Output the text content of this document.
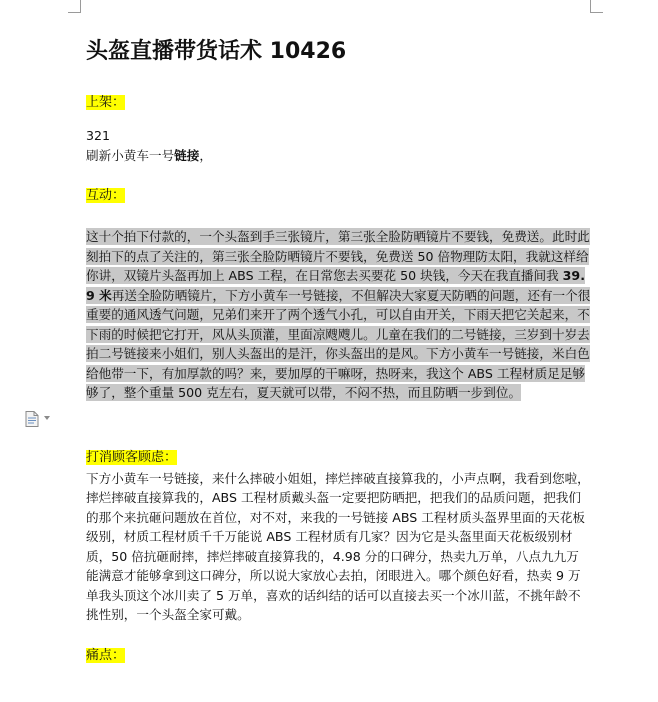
头盔直播带货话术 10426
上架：
321
刷新小黄车一号链接，
互动：
这十个拍下付款的，一个头盔到手三张镜片，第三张全脸防晒镜片不要钱，免费送。此时此刻拍下的点了关注的，第三张全脸防晒镜片不要钱，免费送 50 倍物理防太阳，我就这样给你讲，双镜片头盔再加上 ABS 工程，在日常您去买要花 50 块钱，今天在我直播间我 39.9 米再送全脸防晒镜片，下方小黄车一号链接，不但解决大家夏天防晒的问题，还有一个很重要的通风透气问题，兄弟们来开了两个透气小孔，可以自由开关，下雨天把它关起来，不下雨的时候把它打开，风从头顶灌，里面凉飕飕儿。儿童在我们的二号链接，三岁到十岁去拍二号链接来小姐们，别人头盔出的是汗，你头盔出的是风。下方小黄车一号链接，米白色给他带一下，有加厚款的吗？来，要加厚的干嘛呀，热呀来，我这个 ABS 工程材质足足够够了，整个重量 500 克左右，夏天就可以带，不闷不热，而且防晒一步到位。
打消顾客顾虑：
下方小黄车一号链接，来什么摔破小姐姐，摔烂摔破直接算我的，小声点啊，我看到您啦，摔烂摔破直接算我的，ABS 工程材质戴头盔一定要把防晒把，把我们的品质问题，把我们的那个来抗砸问题放在首位，对不对，来我的一号链接 ABS 工程材质头盔界里面的天花板级别，材质工程材质千千万能说 ABS 工程材质有几家？因为它是头盔里面天花板级别材质，50 倍抗砸耐摔，摔烂摔破直接算我的，4.98 分的口碑分，热卖九万单，八点九九万能满意才能够拿到这口碑分，所以说大家放心去拍，闭眼进入。哪个颜色好看，热卖 9 万单我头顶这个冰川卖了 5 万单，喜欢的话纠结的话可以直接去买一个冰川蓝，不挑年龄不挑性别，一个头盔全家可戴。
痛点：
